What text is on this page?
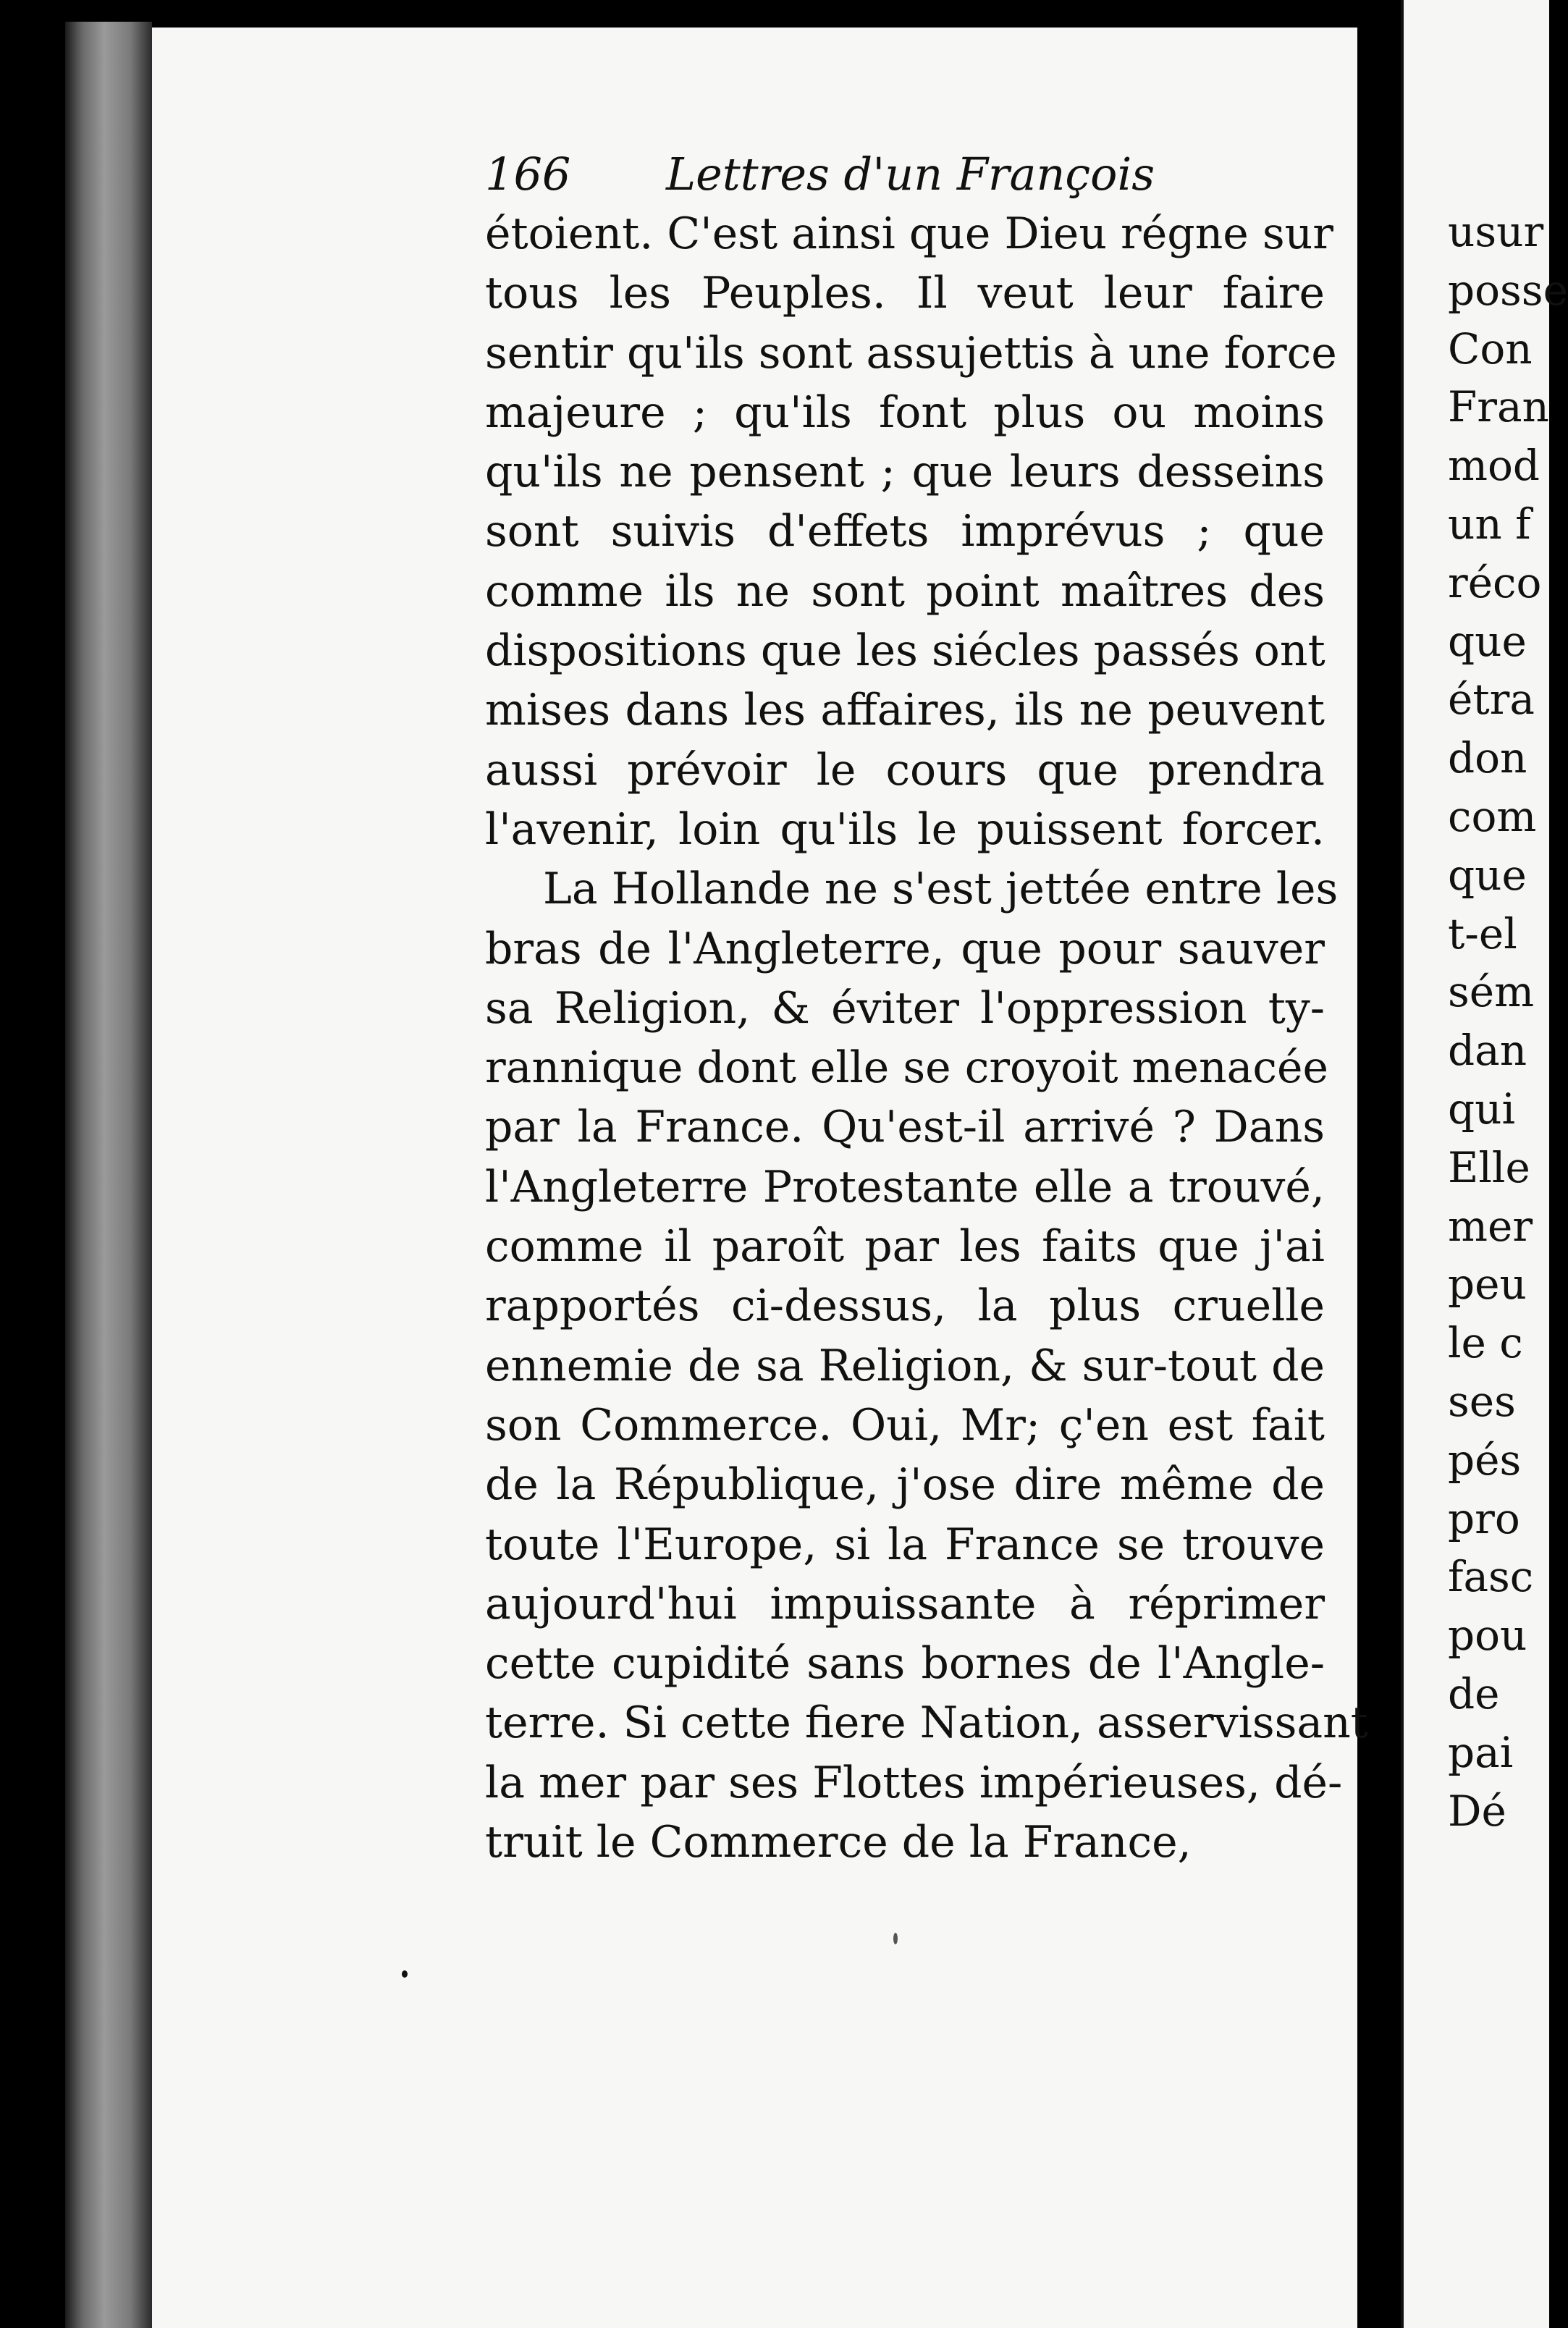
166 Lettres d'un François
étoient. C'est ainsi que Dieu régne sur
tous les Peuples. Il veut leur faire
sentir qu'ils sont assujettis à une force
majeure ; qu'ils font plus ou moins
qu'ils ne pensent ; que leurs desseins
sont suivis d'effets imprévus ; que
comme ils ne sont point maîtres des
dispositions que les siécles passés ont
mises dans les affaires, ils ne peuvent
aussi prévoir le cours que prendra
l'avenir, loin qu'ils le puissent forcer.
La Hollande ne s'est jettée entre les
bras de l'Angleterre, que pour sauver
sa Religion, & éviter l'oppression ty-
rannique dont elle se croyoit menacée
par la France. Qu'est-il arrivé ? Dans
l'Angleterre Protestante elle a trouvé,
comme il paroît par les faits que j'ai
rapportés ci-dessus, la plus cruelle
ennemie de sa Religion, & sur-tout de
son Commerce. Oui, Mr; ç'en est fait
de la République, j'ose dire même de
toute l'Europe, si la France se trouve
aujourd'hui impuissante à réprimer
cette cupidité sans bornes de l'Angle-
terre. Si cette fiere Nation, asservissant
la mer par ses Flottes impérieuses, dé-
truit le Commerce de la France,
usur
posse
Con
Fran
mod
un f
réco
que
étra
don
com
que
t-el
sém
dan
qui
Elle
mer
peu
le c
ses
pés
pro
fasc
pou
de
pai
Dé
